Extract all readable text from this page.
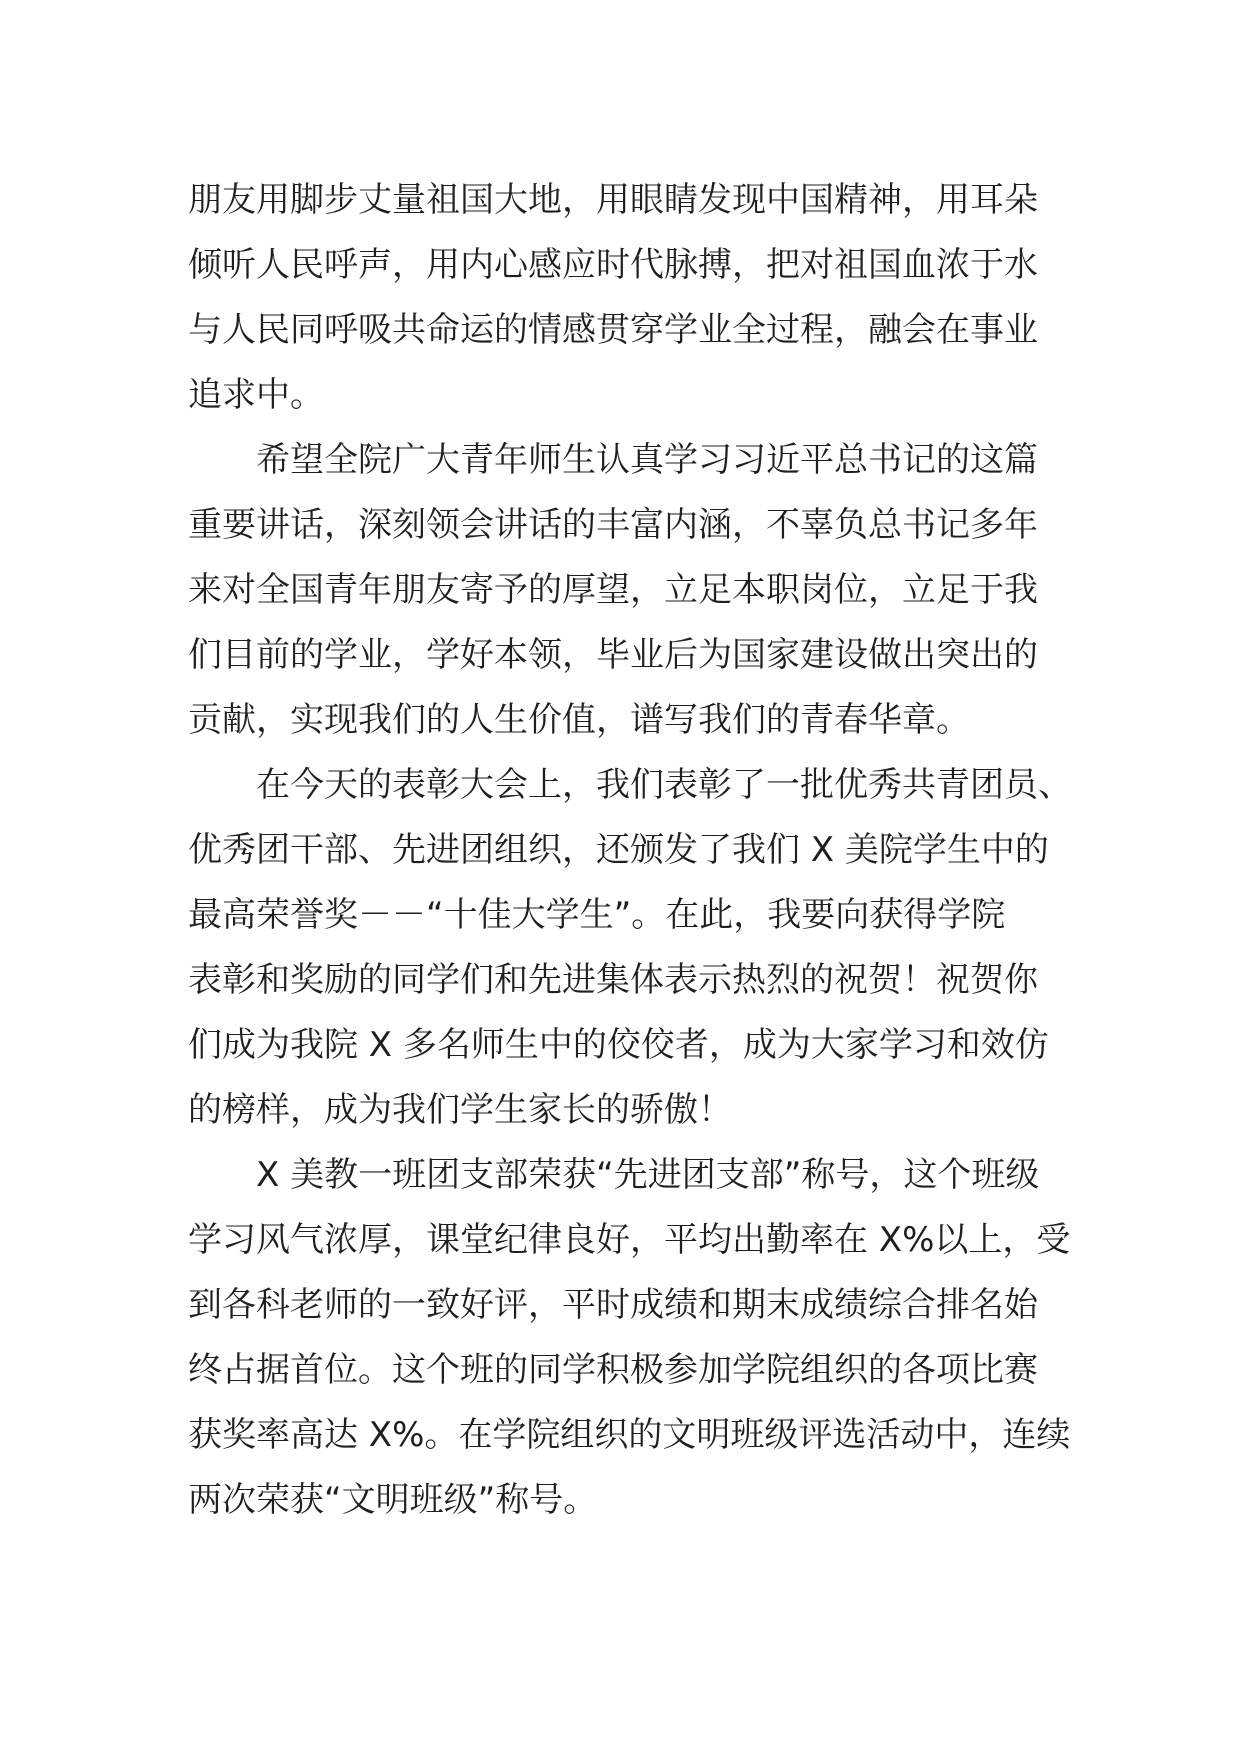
朋友用脚步丈量祖国大地，用眼睛发现中国精神，用耳朵
倾听人民呼声，用内心感应时代脉搏，把对祖国血浓于水
与人民同呼吸共命运的情感贯穿学业全过程，融会在事业
追求中。
希望全院广大青年师生认真学习习近平总书记的这篇
重要讲话，深刻领会讲话的丰富内涵，不辜负总书记多年
来对全国青年朋友寄予的厚望，立足本职岗位，立足于我
们目前的学业，学好本领，毕业后为国家建设做出突出的
贡献，实现我们的人生价值，谱写我们的青春华章。
在今天的表彰大会上，我们表彰了一批优秀共青团员、
优秀团干部、先进团组织，还颁发了我们 X 美院学生中的
最高荣誉奖－－“十佳大学生”。在此，我要向获得学院
表彰和奖励的同学们和先进集体表示热烈的祝贺！祝贺你
们成为我院 X 多名师生中的佼佼者，成为大家学习和效仿
的榜样，成为我们学生家长的骄傲！
X 美教一班团支部荣获“先进团支部”称号，这个班级
学习风气浓厚，课堂纪律良好，平均出勤率在 X%以上，受
到各科老师的一致好评，平时成绩和期末成绩综合排名始
终占据首位。这个班的同学积极参加学院组织的各项比赛
获奖率高达 X%。在学院组织的文明班级评选活动中，连续
两次荣获“文明班级”称号。
